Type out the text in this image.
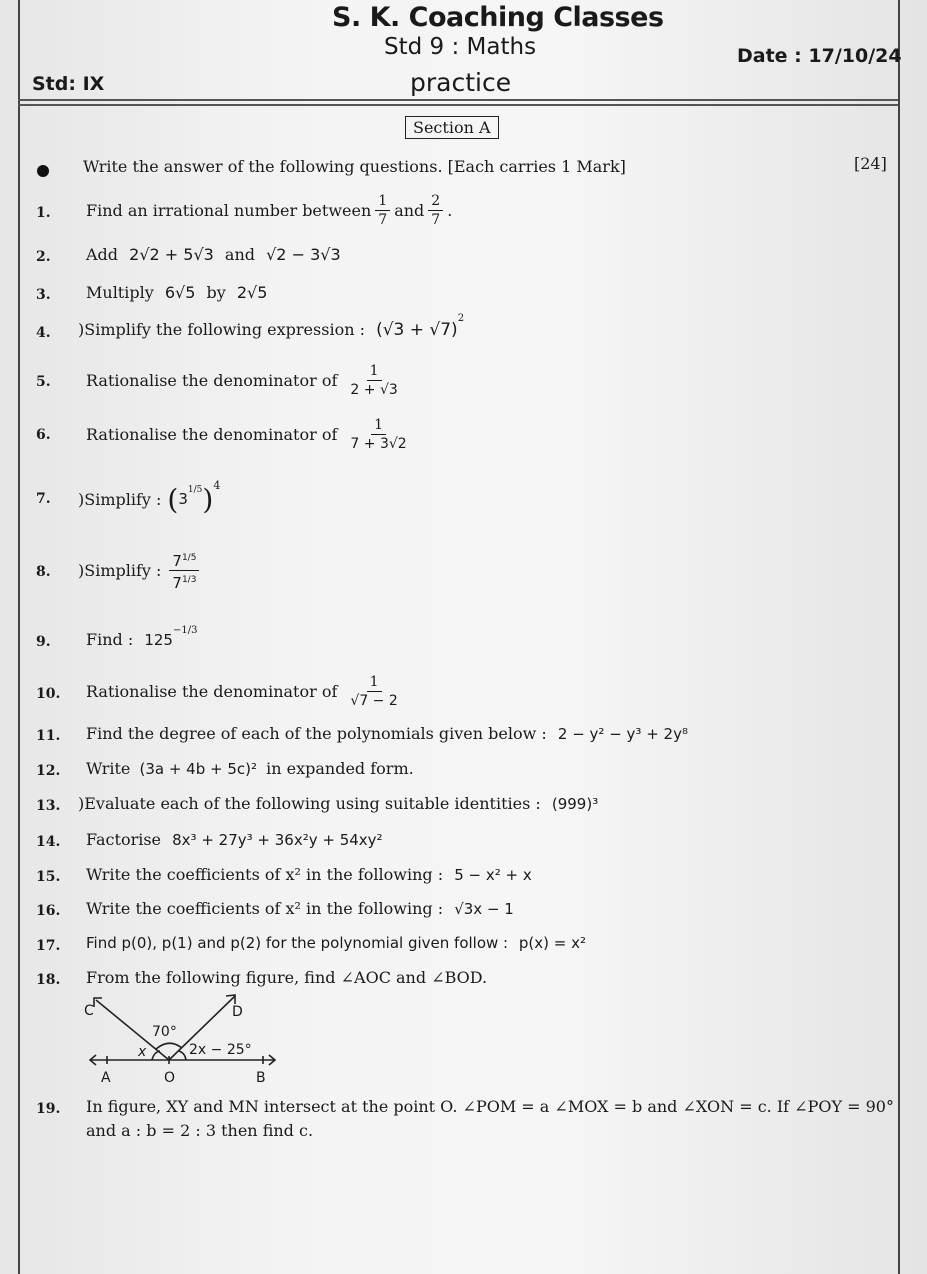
S. K. Coaching Classes
Std 9 : Maths
practice
Std: IX
Date : 17/10/24
Section A
Write the answer of the following questions. [Each carries 1 Mark]	[24]
1. Find an irrational number between $\frac{1}{7}$ and $\frac{2}{7}$ .
2. Add 2√2 + 5√3 and √2 − 3√3
3. Multiply 6√5 by 2√5
4. )Simplify the following expression : $(√3 + √7)^2$
5. Rationalise the denominator of $\frac{1}{2 + √3}$
6. Rationalise the denominator of $\frac{1}{7 + 3√2}$
7. )Simplify : ( 3 1/5 ) 4
8. )Simplify : $\frac{7^{1/5}}{7^{1/3}}$
9. Find : $125^{-1/3}$
10. Rationalise the denominator of $\frac{1}{√7 - 2}$
11. Find the degree of each of the polynomials given below : 2 − y² − y³ + 2y⁸
12. Write (3a + 4b + 5c)² in expanded form.
13. )Evaluate each of the following using suitable identities : (999)³
14. Factorise 8x³ + 27y³ + 36x²y + 54xy²
15. Write the coefficients of x² in the following : 5 − x² + x
16. Write the coefficients of x² in the following : √3x − 1
17. Find p(0), p(1) and p(2) for the polynomial given follow : p(x) = x²
18. From the following figure, find ∠AOC and ∠BOD.
C	D
70°
x	2x − 25°
A	O	B
19. In figure, XY and MN intersect at the point O. ∠POM = a ∠MOX = b and ∠XON = c. If ∠POY = 90°
and a : b = 2 : 3 then find c.
